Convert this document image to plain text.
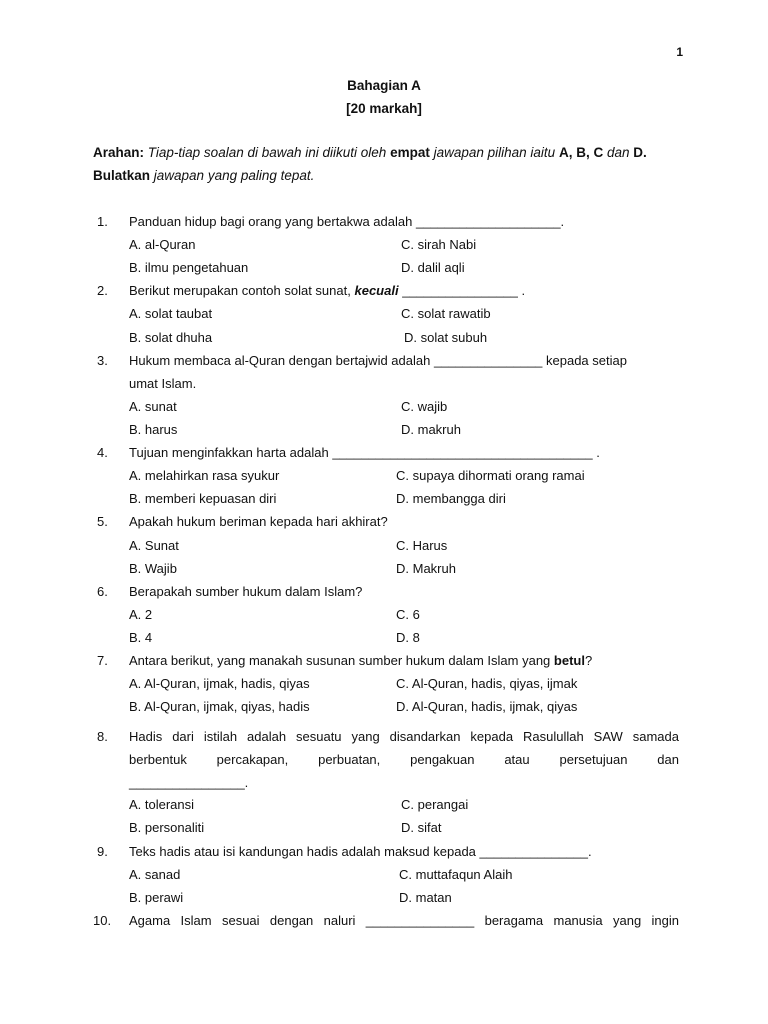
1
Bahagian A
[20 markah]
Arahan: Tiap-tiap soalan di bawah ini diikuti oleh empat jawapan pilihan iaitu A, B, C dan D.
Bulatkan jawapan yang paling tepat.
1. Panduan hidup bagi orang yang bertakwa adalah ____________________.
A. al-Quran	C. sirah Nabi
B. ilmu pengetahuan	D. dalil aqli
2. Berikut merupakan contoh solat sunat, kecuali ________________ .
A. solat taubat	C. solat rawatib
B. solat dhuha	D. solat subuh
3. Hukum membaca al-Quran dengan bertajwid adalah _______________ kepada setiap
umat Islam.
A. sunat	C. wajib
B. harus	D. makruh
4. Tujuan menginfakkan harta adalah ____________________________________ .
A. melahirkan rasa syukur	C. supaya dihormati orang ramai
B. memberi kepuasan diri	D. membangga diri
5. Apakah hukum beriman kepada hari akhirat?
A. Sunat	C. Harus
B. Wajib	D. Makruh
6. Berapakah sumber hukum dalam Islam?
A. 2	C. 6
B. 4	D. 8
7. Antara berikut, yang manakah susunan sumber hukum dalam Islam yang betul?
A. Al-Quran, ijmak, hadis, qiyas	C. Al-Quran, hadis, qiyas, ijmak
B. Al-Quran, ijmak, qiyas, hadis	D. Al-Quran, hadis, ijmak, qiyas
8. Hadis dari istilah adalah sesuatu yang disandarkan kepada Rasulullah SAW samada
berbentuk percakapan, perbuatan, pengakuan atau persetujuan dan
________________.
A. toleransi	C. perangai
B. personaliti	D. sifat
9. Teks hadis atau isi kandungan hadis adalah maksud kepada _______________.
A. sanad	C. muttafaqun Alaih
B. perawi	D. matan
10. Agama Islam sesuai dengan naluri _______________ beragama manusia yang ingin
